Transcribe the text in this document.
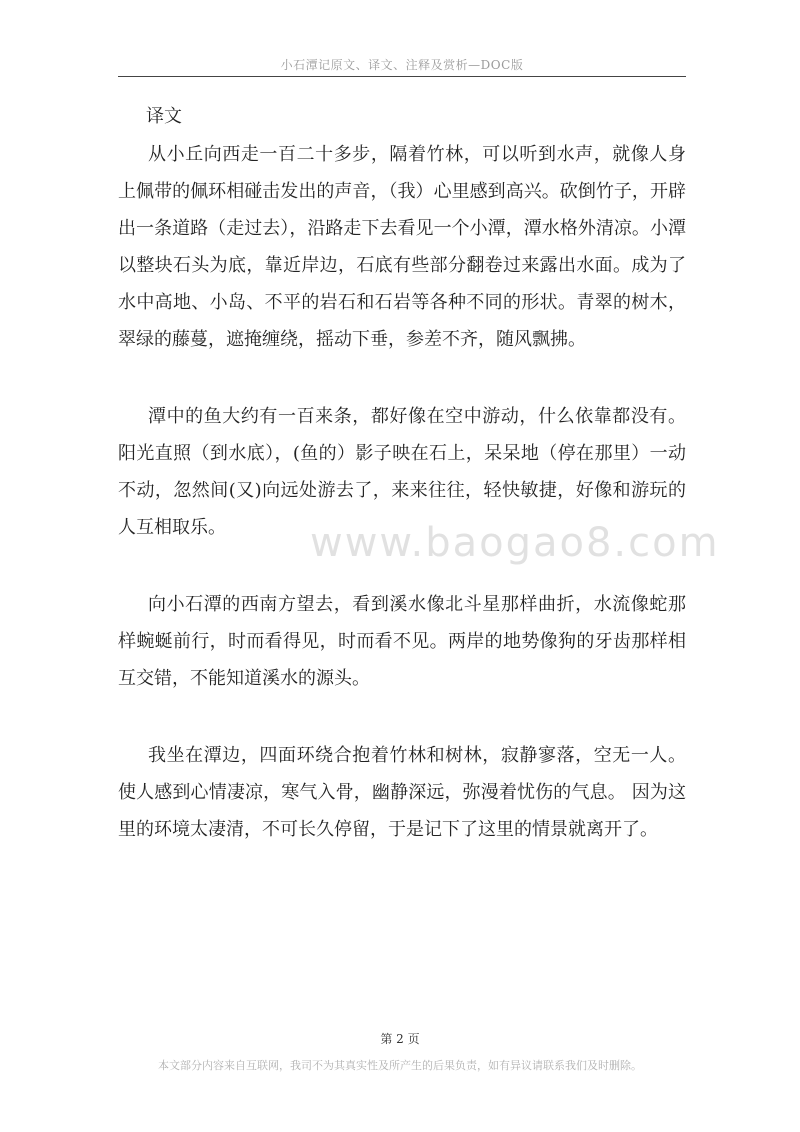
小石潭记原文、译文、注释及赏析—DOC版
译文

从小丘向西走一百二十多步，隔着竹林，可以听到水声，就像人身上佩带的佩环相碰击发出的声音，（我）心里感到高兴。砍倒竹子，开辟出一条道路（走过去），沿路走下去看见一个小潭，潭水格外清凉。小潭以整块石头为底，靠近岸边，石底有些部分翻卷过来露出水面。成为了水中高地、小岛、不平的岩石和石岩等各种不同的形状。青翠的树木，翠绿的藤蔓，遮掩缠绕，摇动下垂，参差不齐，随风飘拂。

潭中的鱼大约有一百来条，都好像在空中游动，什么依靠都没有。阳光直照（到水底），(鱼的）影子映在石上，呆呆地（停在那里）一动不动，忽然间(又)向远处游去了，来来往往，轻快敏捷，好像和游玩的人互相取乐。

向小石潭的西南方望去，看到溪水像北斗星那样曲折，水流像蛇那样蜿蜒前行，时而看得见，时而看不见。两岸的地势像狗的牙齿那样相互交错，不能知道溪水的源头。

我坐在潭边，四面环绕合抱着竹林和树林，寂静寥落，空无一人。使人感到心情凄凉，寒气入骨，幽静深远，弥漫着忧伤的气息。 因为这里的环境太凄清，不可长久停留，于是记下了这里的情景就离开了。

www.baogao8.com
第 2 页
本文部分内容来自互联网，我司不为其真实性及所产生的后果负责，如有异议请联系我们及时删除。
